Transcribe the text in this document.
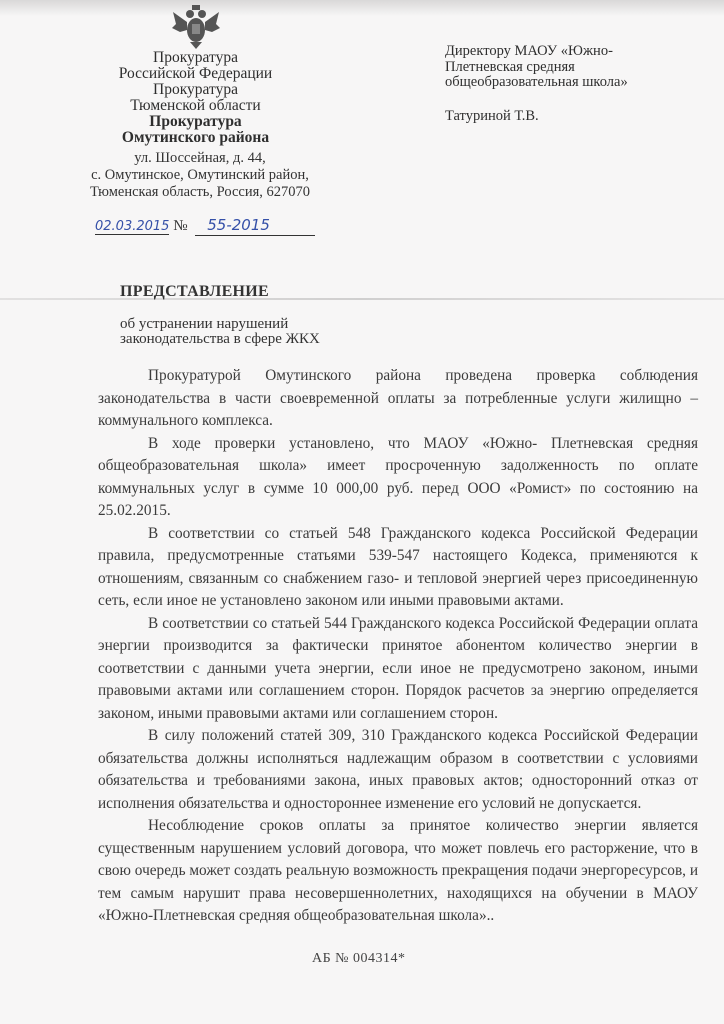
Прокуратура
Российской Федерации
Прокуратура
Тюменской области
Прокуратура
Омутинского района
ул. Шоссейная, д. 44,
с. Омутинское, Омутинский район,
Тюменская область, Россия, 627070
02.03.2015 № 55-2015
Директору МАОУ «Южно-
Плетневская средняя
общеобразовательная школа»
Татуриной Т.В.
ПРЕДСТАВЛЕНИЕ
об устранении нарушений
законодательства в сфере ЖКХ

Прокуратурой Омутинского района проведена проверка соблюдения законодательства в части своевременной оплаты за потребленные услуги жилищно – коммунального комплекса.

В ходе проверки установлено, что МАОУ «Южно- Плетневская средняя общеобразовательная школа» имеет просроченную задолженность по оплате коммунальных услуг в сумме 10 000,00 руб. перед ООО «Ромист» по состоянию на 25.02.2015.

В соответствии со статьей 548 Гражданского кодекса Российской Федерации правила, предусмотренные статьями 539-547 настоящего Кодекса, применяются к отношениям, связанным со снабжением газо- и тепловой энергией через присоединенную сеть, если иное не установлено законом или иными правовыми актами.

В соответствии со статьей 544 Гражданского кодекса Российской Федерации оплата энергии производится за фактически принятое абонентом количество энергии в соответствии с данными учета энергии, если иное не предусмотрено законом, иными правовыми актами или соглашением сторон. Порядок расчетов за энергию определяется законом, иными правовыми актами или соглашением сторон.

В силу положений статей 309, 310 Гражданского кодекса Российской Федерации обязательства должны исполняться надлежащим образом в соответствии с условиями обязательства и требованиями закона, иных правовых актов; односторонний отказ от исполнения обязательства и одностороннее изменение его условий не допускается.

Несоблюдение сроков оплаты за принятое количество энергии является существенным нарушением условий договора, что может повлечь его расторжение, что в свою очередь может создать реальную возможность прекращения подачи энергоресурсов, и тем самым нарушит права несовершеннолетних, находящихся на обучении в МАОУ «Южно-Плетневская средняя общеобразовательная школа»..

АБ № 004314*
